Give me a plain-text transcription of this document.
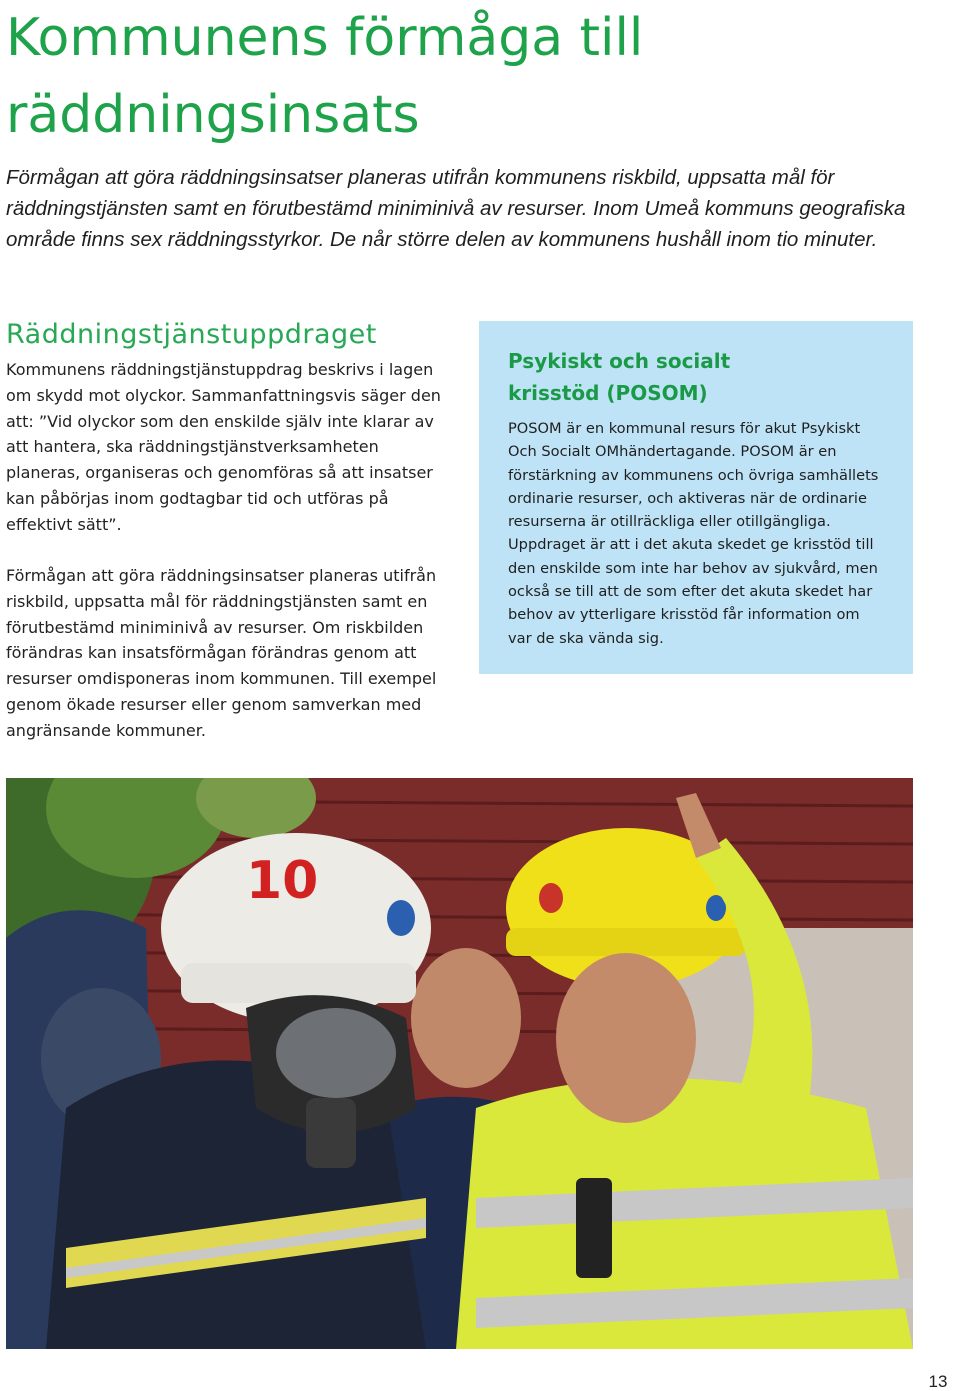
Kommunens förmåga till
räddningsinsats

Förmågan att göra räddningsinsatser planeras utifrån kommunens riskbild, uppsatta mål för räddningstjänsten samt en förutbestämd miniminivå av resurser. Inom Umeå kommuns geografiska område finns sex räddningsstyrkor. De når större delen av kommunens hushåll inom tio minuter.

Räddningstjänstuppdraget

Kommunens räddningstjänstuppdrag beskrivs i lagen om skydd mot olyckor. Sammanfattningsvis säger den att: ”Vid olyckor som den enskilde själv inte klarar av att hantera, ska räddningstjänstverksamheten planeras, organiseras och genomföras så att insatser kan påbörjas inom godtagbar tid och utföras på effektivt sätt”.

Förmågan att göra räddningsinsatser planeras utifrån riskbild, uppsatta mål för räddningstjänsten samt en förutbestämd miniminivå av resurser. Om riskbilden förändras kan insatsförmågan förändras genom att resurser omdisponeras inom kommunen. Till exempel genom ökade resurser eller genom samverkan med angränsande kommuner.

Psykiskt och socialt krisstöd (POSOM)

POSOM är en kommunal resurs för akut Psykiskt Och Socialt OMhändertagande. POSOM är en förstärkning av kommunens och övriga samhällets ordinarie resurser, och aktiveras när de ordinarie resurserna är otillräckliga eller otillgängliga. Uppdraget är att i det akuta skedet ge krisstöd till den enskilde som inte har behov av sjukvård, men också se till att de som efter det akuta skedet har behov av ytterligare krisstöd får information om var de ska vända sig.

10
13
